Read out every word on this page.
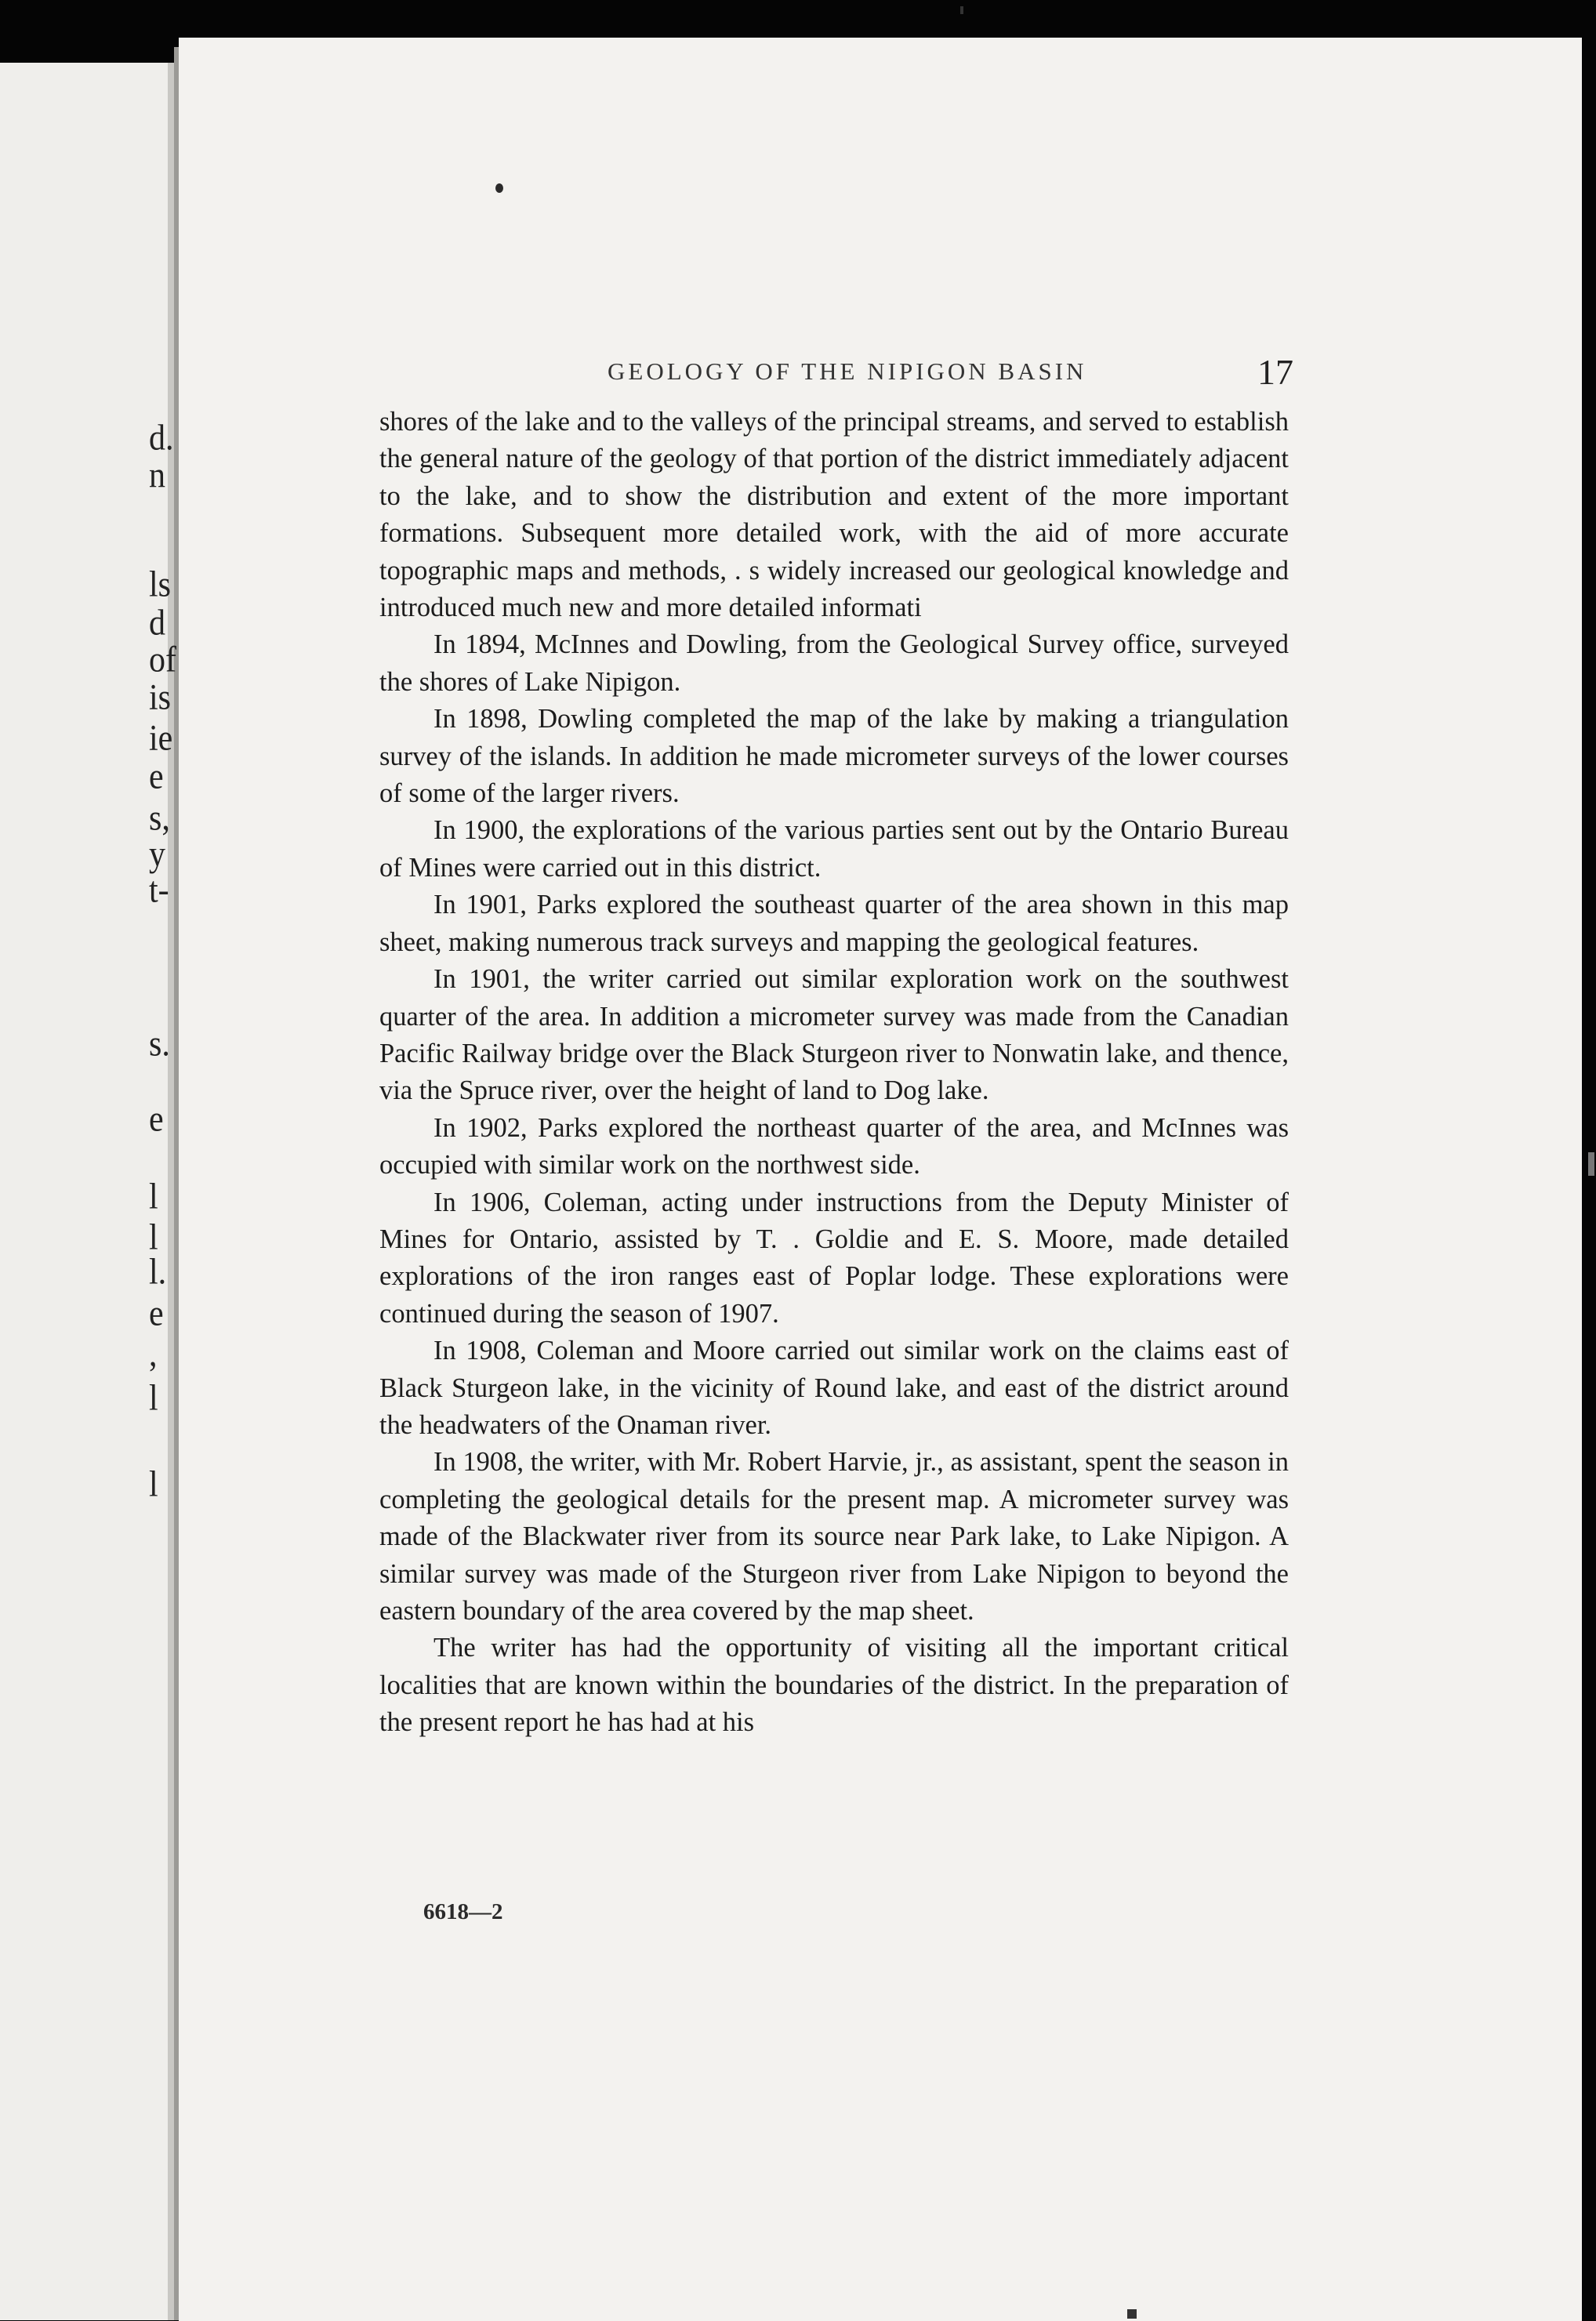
d.
n
ls
d
of
is
ie
e
s,
y
t-
s.
e
l
l
l.
e
,
l
l
GEOLOGY OF THE NIPIGON BASIN	17

shores of the lake and to the valleys of the principal streams, and served to establish the general nature of the geology of that portion of the district immediately adjacent to the lake, and to show the distribution and extent of the more important formations. Subsequent more detailed work, with the aid of more accurate topographic maps and methods, . s widely increased our geological knowledge and introduced much new and more detailed informati

In 1894, McInnes and Dowling, from the Geological Survey office, surveyed the shores of Lake Nipigon.

In 1898, Dowling completed the map of the lake by making a triangulation survey of the islands. In addition he made micrometer surveys of the lower courses of some of the larger rivers.

In 1900, the explorations of the various parties sent out by the Ontario Bureau of Mines were carried out in this district.

In 1901, Parks explored the southeast quarter of the area shown in this map sheet, making numerous track surveys and mapping the geological features.

In 1901, the writer carried out similar exploration work on the southwest quarter of the area. In addition a micrometer survey was made from the Canadian Pacific Railway bridge over the Black Sturgeon river to Nonwatin lake, and thence, via the Spruce river, over the height of land to Dog lake.

In 1902, Parks explored the northeast quarter of the area, and McInnes was occupied with similar work on the northwest side.

In 1906, Coleman, acting under instructions from the Deputy Minister of Mines for Ontario, assisted by T. . Goldie and E. S. Moore, made detailed explorations of the iron ranges east of Poplar lodge. These explorations were continued during the season of 1907.

In 1908, Coleman and Moore carried out similar work on the claims east of Black Sturgeon lake, in the vicinity of Round lake, and east of the district around the headwaters of the Onaman river.

In 1908, the writer, with Mr. Robert Harvie, jr., as assistant, spent the season in completing the geological details for the present map. A micrometer survey was made of the Blackwater river from its source near Park lake, to Lake Nipigon. A similar survey was made of the Sturgeon river from Lake Nipigon to beyond the eastern boundary of the area covered by the map sheet.

The writer has had the opportunity of visiting all the important critical localities that are known within the boundaries of the district. In the preparation of the present report he has had at his

6618—2
